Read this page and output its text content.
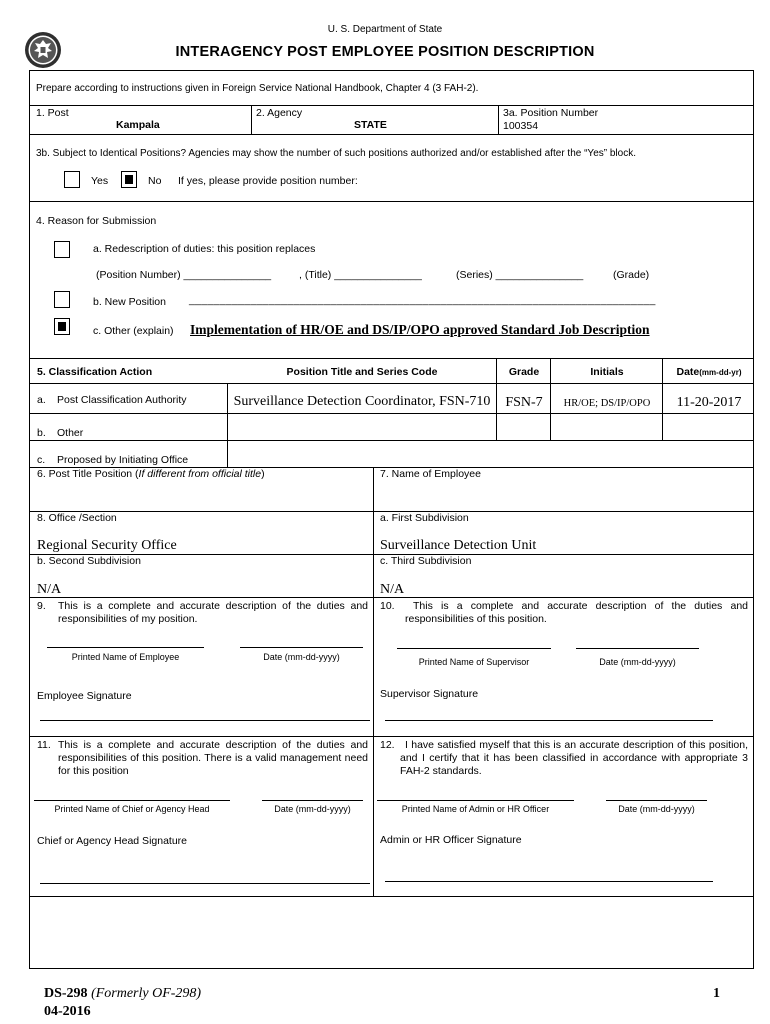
U. S. Department of State
INTERAGENCY POST EMPLOYEE POSITION DESCRIPTION
Prepare according to instructions given in Foreign Service National Handbook, Chapter 4 (3 FAH-2).
1. Post
Kampala
2. Agency
STATE
3a. Position Number
100354
3b. Subject to Identical Positions? Agencies may show the number of such positions authorized and/or established after the “Yes” block.
Yes	No If yes, please provide position number:
4. Reason for Submission
a. Redescription of duties: this position replaces
(Position Number) _______________	, (Title) _______________	(Series) _______________	(Grade)
b. New Position ____________________________________________________________________________
c. Other (explain) Implementation of HR/OE and DS/IP/OPO approved Standard Job Description
5. Classification Action	Position Title and Series Code	Grade	Initials	Date(mm-dd-yr)
a. Post Classification Authority	Surveillance Detection Coordinator, FSN-710	FSN-7	HR/OE; DS/IP/OPO	11-20-2017
b. Other
c. Proposed by Initiating Office
6. Post Title Position (If different from official title)	7. Name of Employee
8. Office /Section	a. First Subdivision
Regional Security Office	Surveillance Detection Unit
b. Second Subdivision	c. Third Subdivision
N/A	N/A
9. This is a complete and accurate description of the duties and responsibilities of my position.
10.	This is a complete and accurate description of the duties and responsibilities of this position.
Printed Name of Employee	Date (mm-dd-yyyy)	Printed Name of Supervisor	Date (mm-dd-yyyy)
Employee Signature	Supervisor Signature
11. This is a complete and accurate description of the duties and responsibilities of this position. There is a valid management need for this position
12. I have satisfied myself that this is an accurate description of this position, and I certify that it has been classified in accordance with appropriate 3 FAH-2 standards.
Printed Name of Chief or Agency Head	Date (mm-dd-yyyy)	Printed Name of Admin or HR Officer	Date (mm-dd-yyyy)
Chief or Agency Head Signature	Admin or HR Officer Signature
DS-298 (Formerly OF-298)
04-2016
1
